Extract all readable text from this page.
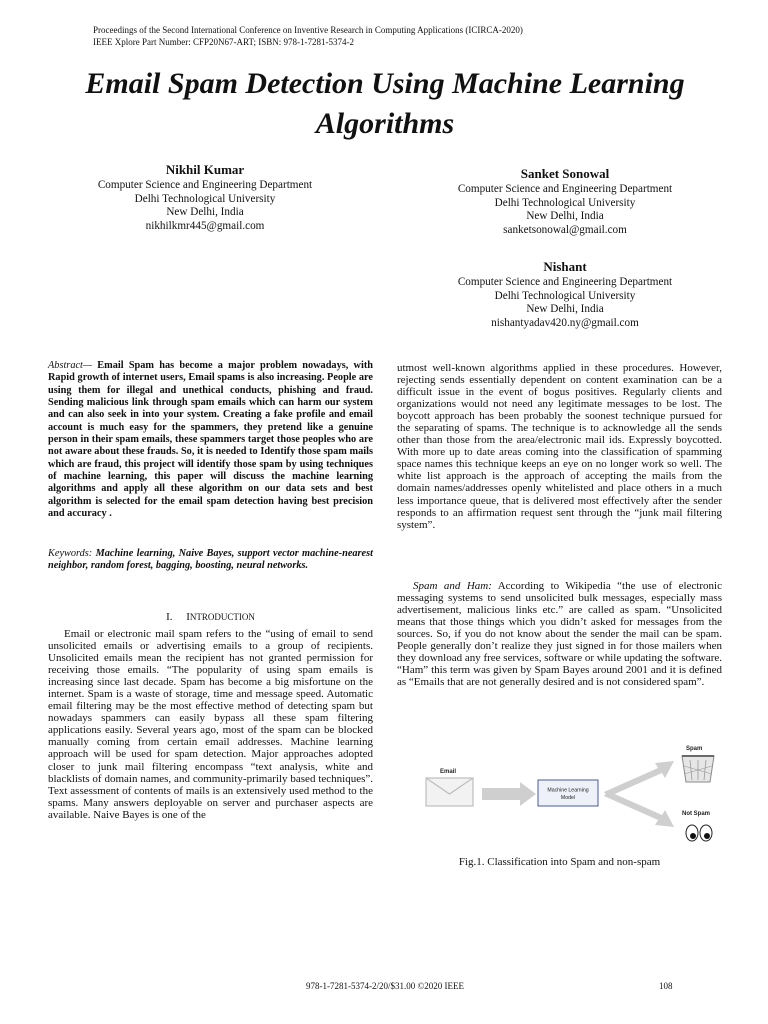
Proceedings of the Second International Conference on Inventive Research in Computing Applications (ICIRCA-2020)
IEEE Xplore Part Number: CFP20N67-ART; ISBN: 978-1-7281-5374-2
Email Spam Detection Using Machine Learning Algorithms
Nikhil Kumar
Computer Science and Engineering Department
Delhi Technological University
New Delhi, India
nikhilkmr445@gmail.com
Sanket Sonowal
Computer Science and Engineering Department
Delhi Technological University
New Delhi, India
sanketsonowal@gmail.com
Nishant
Computer Science and Engineering Department
Delhi Technological University
New Delhi, India
nishantyadav420.ny@gmail.com
Abstract— Email Spam has become a major problem nowadays, with Rapid growth of internet users, Email spams is also increasing. People are using them for illegal and unethical conducts, phishing and fraud. Sending malicious link through spam emails which can harm our system and can also seek in into your system. Creating a fake profile and email account is much easy for the spammers, they pretend like a genuine person in their spam emails, these spammers target those peoples who are not aware about these frauds. So, it is needed to Identify those spam mails which are fraud, this project will identify those spam by using techniques of machine learning, this paper will discuss the machine learning algorithms and apply all these algorithm on our data sets and best algorithm is selected for the email spam detection having best precision and accuracy .
Keywords: Machine learning, Naive Bayes, support vector machine-nearest neighbor, random forest, bagging, boosting, neural networks.
I. INTRODUCTION
Email or electronic mail spam refers to the “using of email to send unsolicited emails or advertising emails to a group of recipients. Unsolicited emails mean the recipient has not granted permission for receiving those emails. “The popularity of using spam emails is increasing since last decade. Spam has become a big misfortune on the internet. Spam is a waste of storage, time and message speed. Automatic email filtering may be the most effective method of detecting spam but nowadays spammers can easily bypass all these spam filtering applications easily. Several years ago, most of the spam can be blocked manually coming from certain email addresses. Machine learning approach will be used for spam detection. Major approaches adopted closer to junk mail filtering encompass “text analysis, white and blacklists of domain names, and community-primarily based techniques”. Text assessment of contents of mails is an extensively used method to the spams. Many answers deployable on server and purchaser aspects are available. Naive Bayes is one of the
utmost well-known algorithms applied in these procedures. However, rejecting sends essentially dependent on content examination can be a difficult issue in the event of bogus positives. Regularly clients and organizations would not need any legitimate messages to be lost. The boycott approach has been probably the soonest technique pursued for the separating of spams. The technique is to acknowledge all the sends other than those from the area/electronic mail ids. Expressly boycotted. With more up to date areas coming into the classification of spamming space names this technique keeps an eye on no longer work so well. The white list approach is the approach of accepting the mails from the domain names/addresses openly whitelisted and place others in a much less importance queue, that is delivered most effectively after the sender responds to an affirmation request sent through the “junk mail filtering system”.
Spam and Ham: According to Wikipedia “the use of electronic messaging systems to send unsolicited bulk messages, especially mass advertisement, malicious links etc.” are called as spam. “Unsolicited means that those things which you didn’t asked for messages from the sources. So, if you do not know about the sender the mail can be spam. People generally don’t realize they just signed in for those mailers when they download any free services, software or while updating the software. “Ham” this term was given by Spam Bayes around 2001 and it is defined as “Emails that are not generally desired and is not considered spam”.
Email
Machine Learning
Model
Spam
Not Spam
Fig.1. Classification into Spam and non-spam
978-1-7281-5374-2/20/$31.00 ©2020 IEEE	108
